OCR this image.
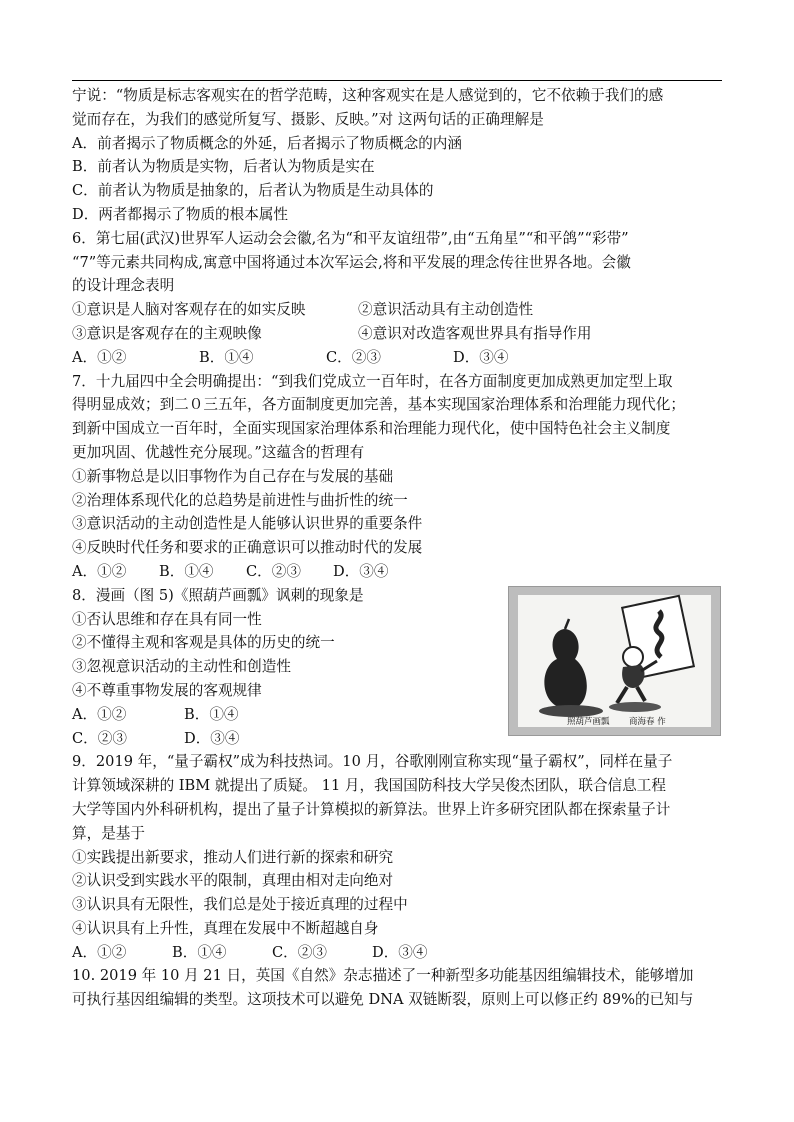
宁说：“物质是标志客观实在的哲学范畴，这种客观实在是人感觉到的，它不依赖于我们的感
觉而存在，为我们的感觉所复写、摄影、反映。”对 这两句话的正确理解是
A．前者揭示了物质概念的外延，后者揭示了物质概念的内涵
B．前者认为物质是实物，后者认为物质是实在
C．前者认为物质是抽象的，后者认为物质是生动具体的
D．两者都揭示了物质的根本属性
6．第七届(武汉)世界军人运动会会徽,名为“和平友谊纽带”,由“五角星”“和平鸽”“彩带”
“7”等元素共同构成,寓意中国将通过本次军运会,将和平发展的理念传往世界各地。会徽
的设计理念表明
①意识是人脑对客观存在的如实反映	②意识活动具有主动创造性
③意识是客观存在的主观映像	④意识对改造客观世界具有指导作用
A．①②	B．①④	C．②③	D．③④
7．十九届四中全会明确提出：“到我们党成立一百年时，在各方面制度更加成熟更加定型上取
得明显成效；到二０三五年，各方面制度更加完善，基本实现国家治理体系和治理能力现代化；
到新中国成立一百年时，全面实现国家治理体系和治理能力现代化，使中国特色社会主义制度
更加巩固、优越性充分展现。”这蕴含的哲理有
①新事物总是以旧事物作为自己存在与发展的基础
②治理体系现代化的总趋势是前进性与曲折性的统一
③意识活动的主动创造性是人能够认识世界的重要条件
④反映时代任务和要求的正确意识可以推动时代的发展
A．①②	B．①④	C．②③	D．③④
8．漫画（图 5)《照葫芦画瓢》讽刺的现象是
①否认思维和存在具有同一性
②不懂得主观和客观是具体的历史的统一
③忽视意识活动的主动性和创造性
④不尊重事物发展的客观规律
A．①②	B．①④
C．②③	D．③④
照葫芦画瓢 商海春 作
9．2019 年，“量子霸权”成为科技热词。10 月，谷歌刚刚宣称实现“量子霸权”，同样在量子
计算领域深耕的 IBM 就提出了质疑。 11 月，我国国防科技大学吴俊杰团队，联合信息工程
大学等国内外科研机构，提出了量子计算模拟的新算法。世界上许多研究团队都在探索量子计
算，是基于
①实践提出新要求，推动人们进行新的探索和研究
②认识受到实践水平的限制，真理由相对走向绝对
③认识具有无限性，我们总是处于接近真理的过程中
④认识具有上升性，真理在发展中不断超越自身
A．①②	B．①④	C．②③	D．③④
10. 2019 年 10 月 21 日，英国《自然》杂志描述了一种新型多功能基因组编辑技术，能够增加
可执行基因组编辑的类型。这项技术可以避免 DNA 双链断裂，原则上可以修正约 89%的已知与
